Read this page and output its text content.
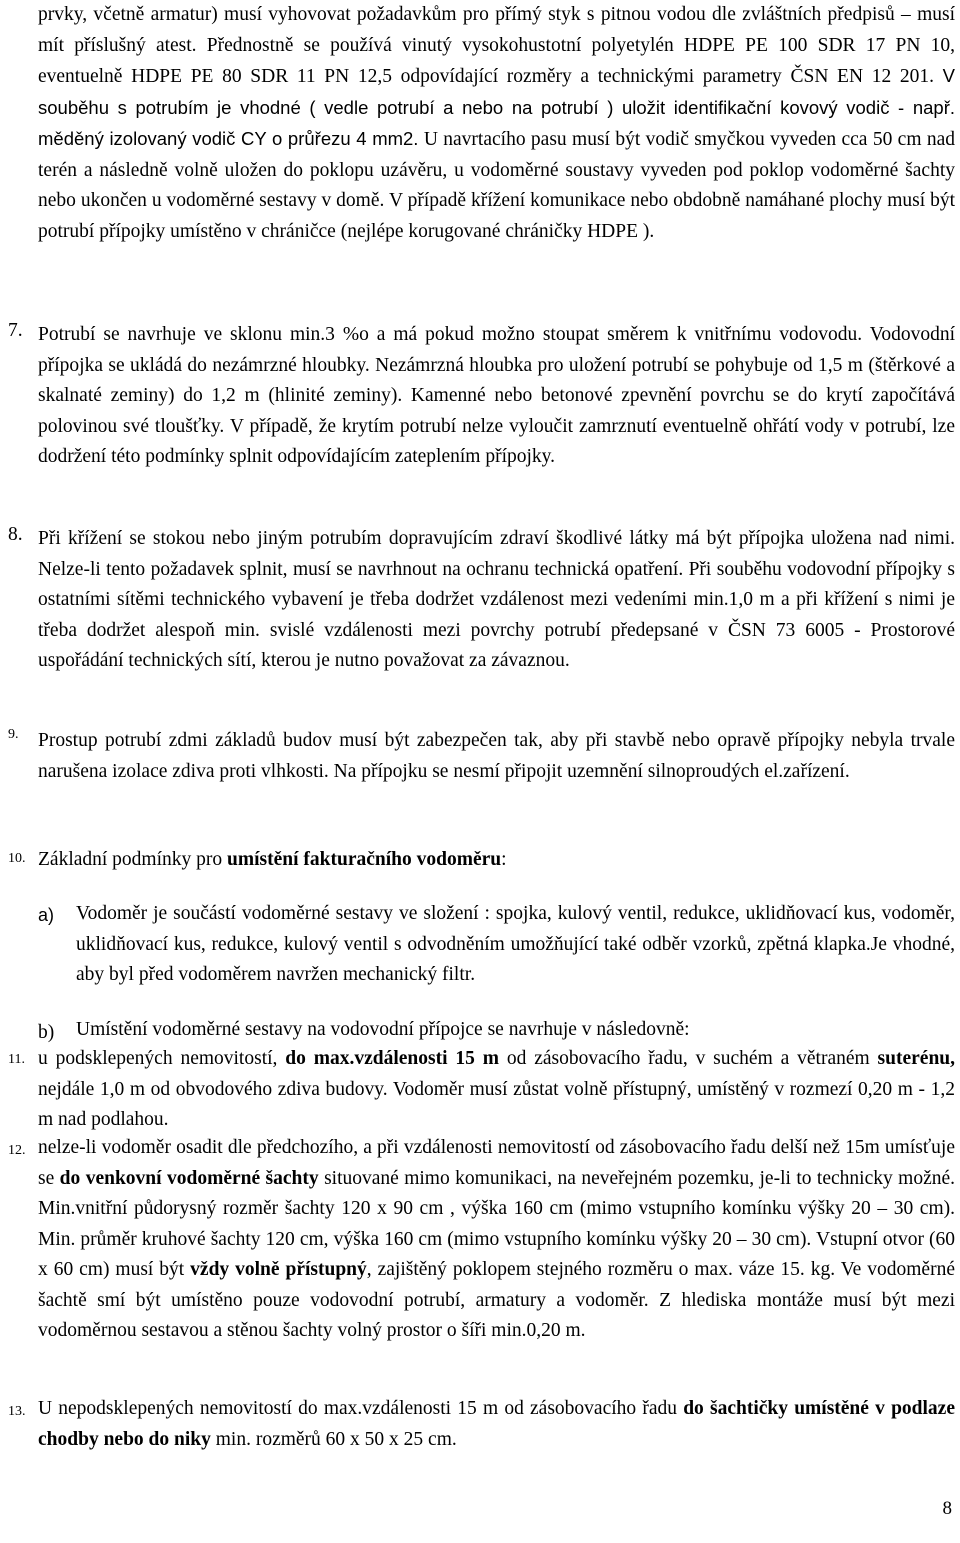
prvky, včetně armatur) musí vyhovovat požadavkům pro přímý styk s pitnou vodou dle zvláštních předpisů – musí mít příslušný atest. Přednostně se používá vinutý vysokohustotní polyetylén HDPE PE 100 SDR 17 PN 10, eventuelně HDPE PE 80 SDR 11 PN 12,5 odpovídající rozměry a technickými parametry ČSN EN 12 201. V souběhu s potrubím je vhodné ( vedle potrubí a nebo na potrubí ) uložit identifikační kovový vodič - např. měděný izolovaný vodič CY o průřezu 4 mm2. U navrtacího pasu musí být vodič smyčkou vyveden cca 50 cm nad terén a následně volně uložen do poklopu uzávěru, u vodoměrné soustavy vyveden pod poklop vodoměrné šachty nebo ukončen u vodoměrné sestavy v domě. V případě křížení komunikace nebo obdobně namáhané plochy musí být potrubí přípojky umístěno v chráničce (nejlépe korugované chráničky HDPE ).

7. Potrubí se navrhuje ve sklonu min.3 %o a má pokud možno stoupat směrem k vnitřnímu vodovodu. Vodovodní přípojka se ukládá do nezámrzné hloubky. Nezámrzná hloubka pro uložení potrubí se pohybuje od 1,5 m (štěrkové a skalnaté zeminy) do 1,2 m (hlinité zeminy). Kamenné nebo betonové zpevnění povrchu se do krytí započítává polovinou své tloušťky. V případě, že krytím potrubí nelze vyloučit zamrznutí eventuelně ohřátí vody v potrubí, lze dodržení této podmínky splnit odpovídajícím zateplením přípojky.

8. Při křížení se stokou nebo jiným potrubím dopravujícím zdraví škodlivé látky má být přípojka uložena nad nimi. Nelze-li tento požadavek splnit, musí se navrhnout na ochranu technická opatření. Při souběhu vodovodní přípojky s ostatními sítěmi technického vybavení je třeba dodržet vzdálenost mezi vedeními min.1,0 m a při křížení s nimi je třeba dodržet alespoň min. svislé vzdálenosti mezi povrchy potrubí předepsané v ČSN 73 6005 - Prostorové uspořádání technických sítí, kterou je nutno považovat za závaznou.

9. Prostup potrubí zdmi základů budov musí být zabezpečen tak, aby při stavbě nebo opravě přípojky nebyla trvale narušena izolace zdiva proti vlhkosti. Na přípojku se nesmí připojit uzemnění silnoproudých el.zařízení.

10. Základní podmínky pro umístění fakturačního vodoměru:

a) Vodoměr je součástí vodoměrné sestavy ve složení : spojka, kulový ventil, redukce, uklidňovací kus, vodoměr, uklidňovací kus, redukce, kulový ventil s odvodněním umožňující také odběr vzorků, zpětná klapka.Je vhodné, aby byl před vodoměrem navržen mechanický filtr.

b) Umístění vodoměrné sestavy na vodovodní přípojce se navrhuje v následovně:

11. u podsklepených nemovitostí, do max.vzdálenosti 15 m od zásobovacího řadu, v suchém a větraném suterénu, nejdále 1,0 m od obvodového zdiva budovy. Vodoměr musí zůstat volně přístupný, umístěný v rozmezí 0,20 m - 1,2 m nad podlahou.

12. nelze-li vodoměr osadit dle předchozího, a při vzdálenosti nemovitostí od zásobovacího řadu delší než 15m umísťuje se do venkovní vodoměrné šachty situované mimo komunikaci, na neveřejném pozemku, je-li to technicky možné. Min.vnitřní půdorysný rozměr šachty 120 x 90 cm , výška 160 cm (mimo vstupního komínku výšky 20 – 30 cm). Min. průměr kruhové šachty 120 cm, výška 160 cm (mimo vstupního komínku výšky 20 – 30 cm). Vstupní otvor (60 x 60 cm) musí být vždy volně přístupný, zajištěný poklopem stejného rozměru o max. váze 15. kg. Ve vodoměrné šachtě smí být umístěno pouze vodovodní potrubí, armatury a vodoměr. Z hlediska montáže musí být mezi vodoměrnou sestavou a stěnou šachty volný prostor o šíři min.0,20 m.

13. U nepodsklepených nemovitostí do max.vzdálenosti 15 m od zásobovacího řadu do šachtičky umístěné v podlaze chodby nebo do niky min. rozměrů 60 x 50 x 25 cm.

8
